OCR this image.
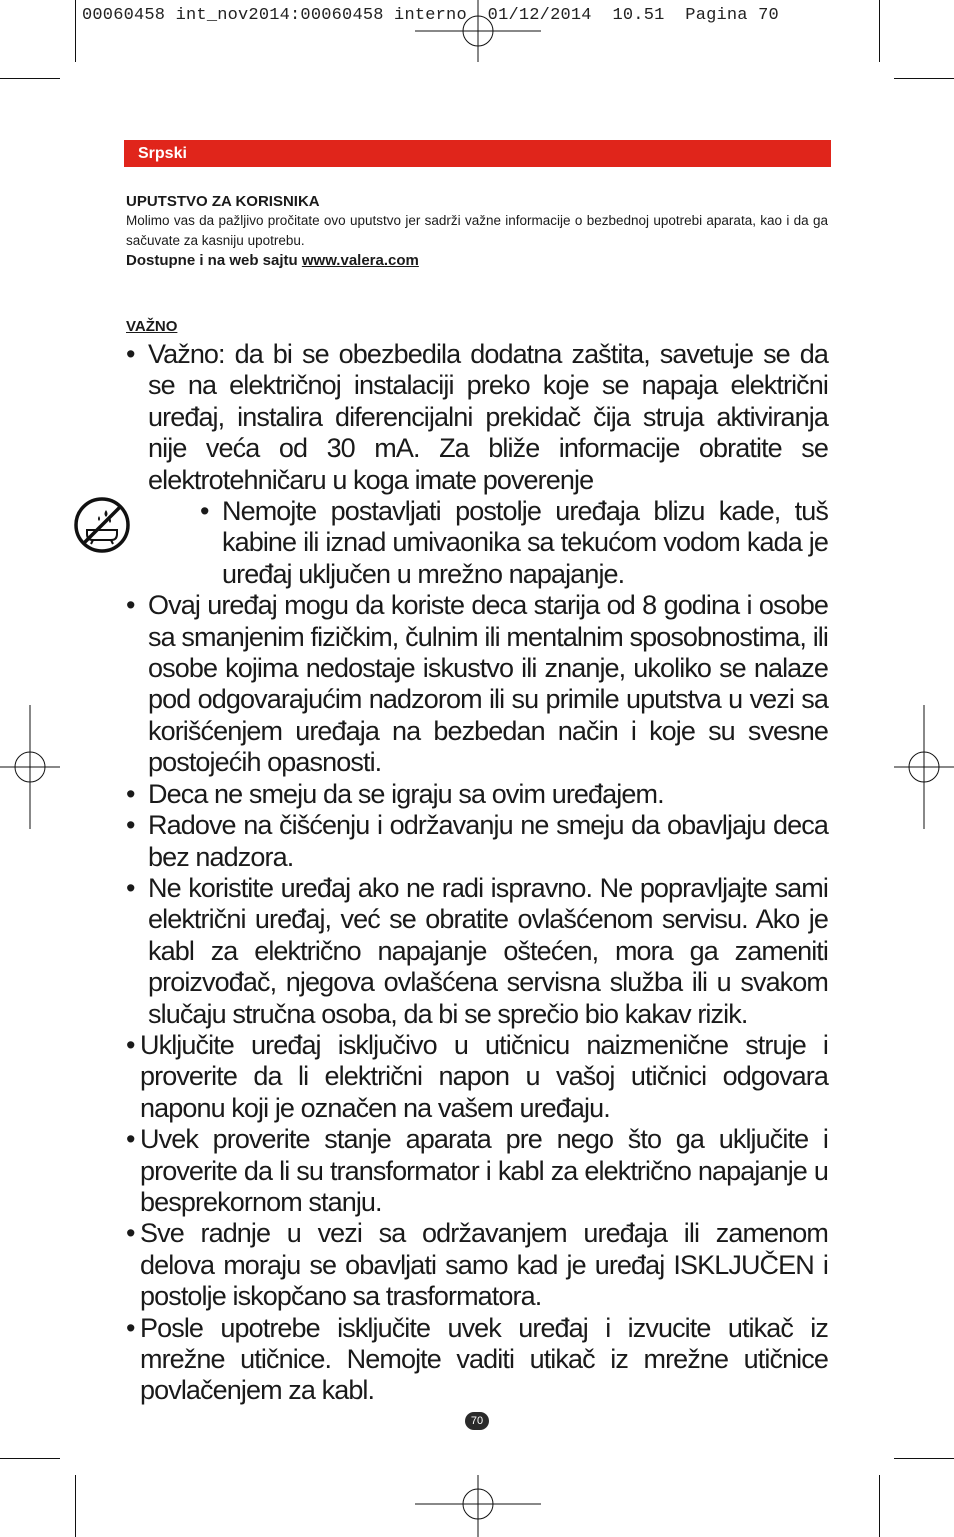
00060458 int_nov2014:00060458 interno  01/12/2014  10.51  Pagina 70
Srpski
UPUTSTVO ZA KORISNIKA
Molimo vas da pažljivo pročitate ovo uputstvo jer sadrži važne informacije o bezbednoj upotrebi aparata, kao i da ga sačuvate za kasniju upotrebu.
Dostupne i na web sajtu www.valera.com
VAŽNO
• Važno: da bi se obezbedila dodatna zaštita, savetuje se da se na električnoj instalaciji preko koje se napaja električni uređaj, instalira diferencijalni prekidač čija struja aktiviranja nije veća od 30 mA. Za bliže informacije obratite se elektrotehničaru u koga imate poverenje
• Nemojte postavljati postolje uređaja blizu kade, tuš kabine ili iznad umivaonika sa tekućom vodom kada je uređaj uključen u mrežno napajanje.
• Ovaj uređaj mogu da koriste deca starija od 8 godina i osobe sa smanjenim fizičkim, čulnim ili mentalnim sposobnostima, ili osobe kojima nedostaje iskustvo ili znanje, ukoliko se nalaze pod odgovarajućim nadzorom ili su primile uputstva u vezi sa korišćenjem uređaja na bezbedan način i koje su svesne postojećih opasnosti.
• Deca ne smeju da se igraju sa ovim uređajem.
• Radove na čišćenju i održavanju ne smeju da obavljaju deca bez nadzora.
• Ne koristite uređaj ako ne radi ispravno. Ne popravljajte sami električni uređaj, već se obratite ovlašćenom servisu. Ako je kabl za električno napajanje oštećen, mora ga zameniti proizvođač, njegova ovlašćena servisna služba ili u svakom slučaju stručna osoba, da bi se sprečio bio kakav rizik.
• Uključite uređaj isključivo u utičnicu naizmenične struje i proverite da li električni napon u vašoj utičnici odgovara naponu koji je označen na vašem uređaju.
• Uvek proverite stanje aparata pre nego što ga uključite i proverite da li su transformator i kabl za električno napajanje u besprekornom stanju.
• Sve radnje u vezi sa održavanjem uređaja ili zamenom delova moraju se obavljati samo kad je uređaj ISKLJUČEN i postolje iskopčano sa trasformatora.
• Posle upotrebe isključite uvek uređaj i izvucite utikač iz mrežne utičnice. Nemojte vaditi utikač iz mrežne utičnice povlačenjem za kabl.
70
